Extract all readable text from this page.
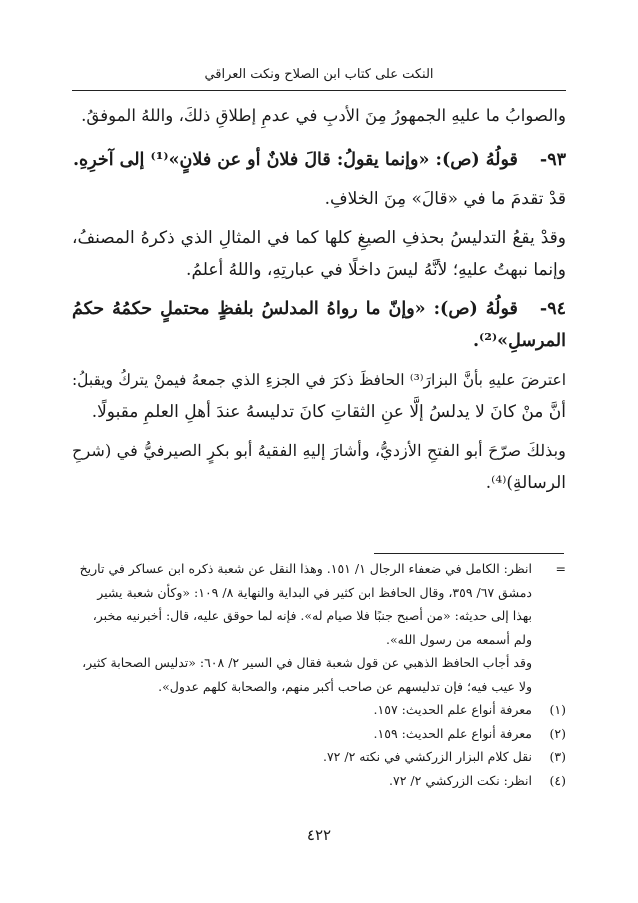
النكت على كتاب ابن الصلاح ونكت العراقي
والصوابُ ما عليهِ الجمهورُ مِنَ الأدبِ في عدمِ إطلاقِ ذلكَ، واللهُ الموفقُ.
٩٣-قولُهُ (ص): «وإنما يقولُ: قالَ فلانٌ أو عن فلانٍ»⁽¹⁾ إلى آخرِهِ.
قدْ تقدمَ ما في «قالَ» مِنَ الخلافِ.
وقدْ يقعُ التدليسُ بحذفِ الصيغِ كلها كما في المثالِ الذي ذكرهُ المصنفُ،
وإنما نبهتُ عليهِ؛ لأنَّهُ ليسَ داخلًا في عبارتِهِ، واللهُ أعلمُ.
٩٤-قولُهُ (ص): «وإنّ ما رواهُ المدلسُ بلفظٍ محتملٍ حكمُهُ حكمُ
المرسلِ»⁽²⁾.
اعترضَ عليهِ بأنَّ البزارَ⁽³⁾ الحافظَ ذكرَ في الجزءِ الذي جمعهُ فيمنْ يتركُ ويقبلُ:
أنَّ منْ كانَ لا يدلسُ إلَّا عنِ الثقاتِ كانَ تدليسهُ عندَ أهلِ العلمِ مقبولًا.
وبذلكَ صرّحَ أبو الفتحِ الأزديُّ، وأشارَ إليهِ الفقيهُ أبو بكرٍ الصيرفيُّ في (شرحِ
الرسالةِ)⁽⁴⁾.
=انظر: الكامل في ضعفاء الرجال ١/ ١٥١. وهذا النقل عن شعبة ذكره ابن عساكر في تاريخ
دمشق ٦٧/ ٣٥٩، وقال الحافظ ابن كثير في البداية والنهاية ٨/ ١٠٩: «وكأن شعبة يشير
بهذا إلى حديثه: «من أصبح جنبًا فلا صيام له». فإنه لما حوقق عليه، قال: أخبرنيه مخبر،
ولم أسمعه من رسول الله».
وقد أجاب الحافظ الذهبي عن قول شعبة فقال في السير ٢/ ٦٠٨: «تدليس الصحابة كثير،
ولا عيب فيه؛ فإن تدليسهم عن صاحب أكبر منهم، والصحابة كلهم عدول».
(١)معرفة أنواع علم الحديث: ١٥٧.
(٢)معرفة أنواع علم الحديث: ١٥٩.
(٣)نقل كلام البزار الزركشي في نكته ٢/ ٧٢.
(٤)انظر: نكت الزركشي ٢/ ٧٢.
٤٢٢
